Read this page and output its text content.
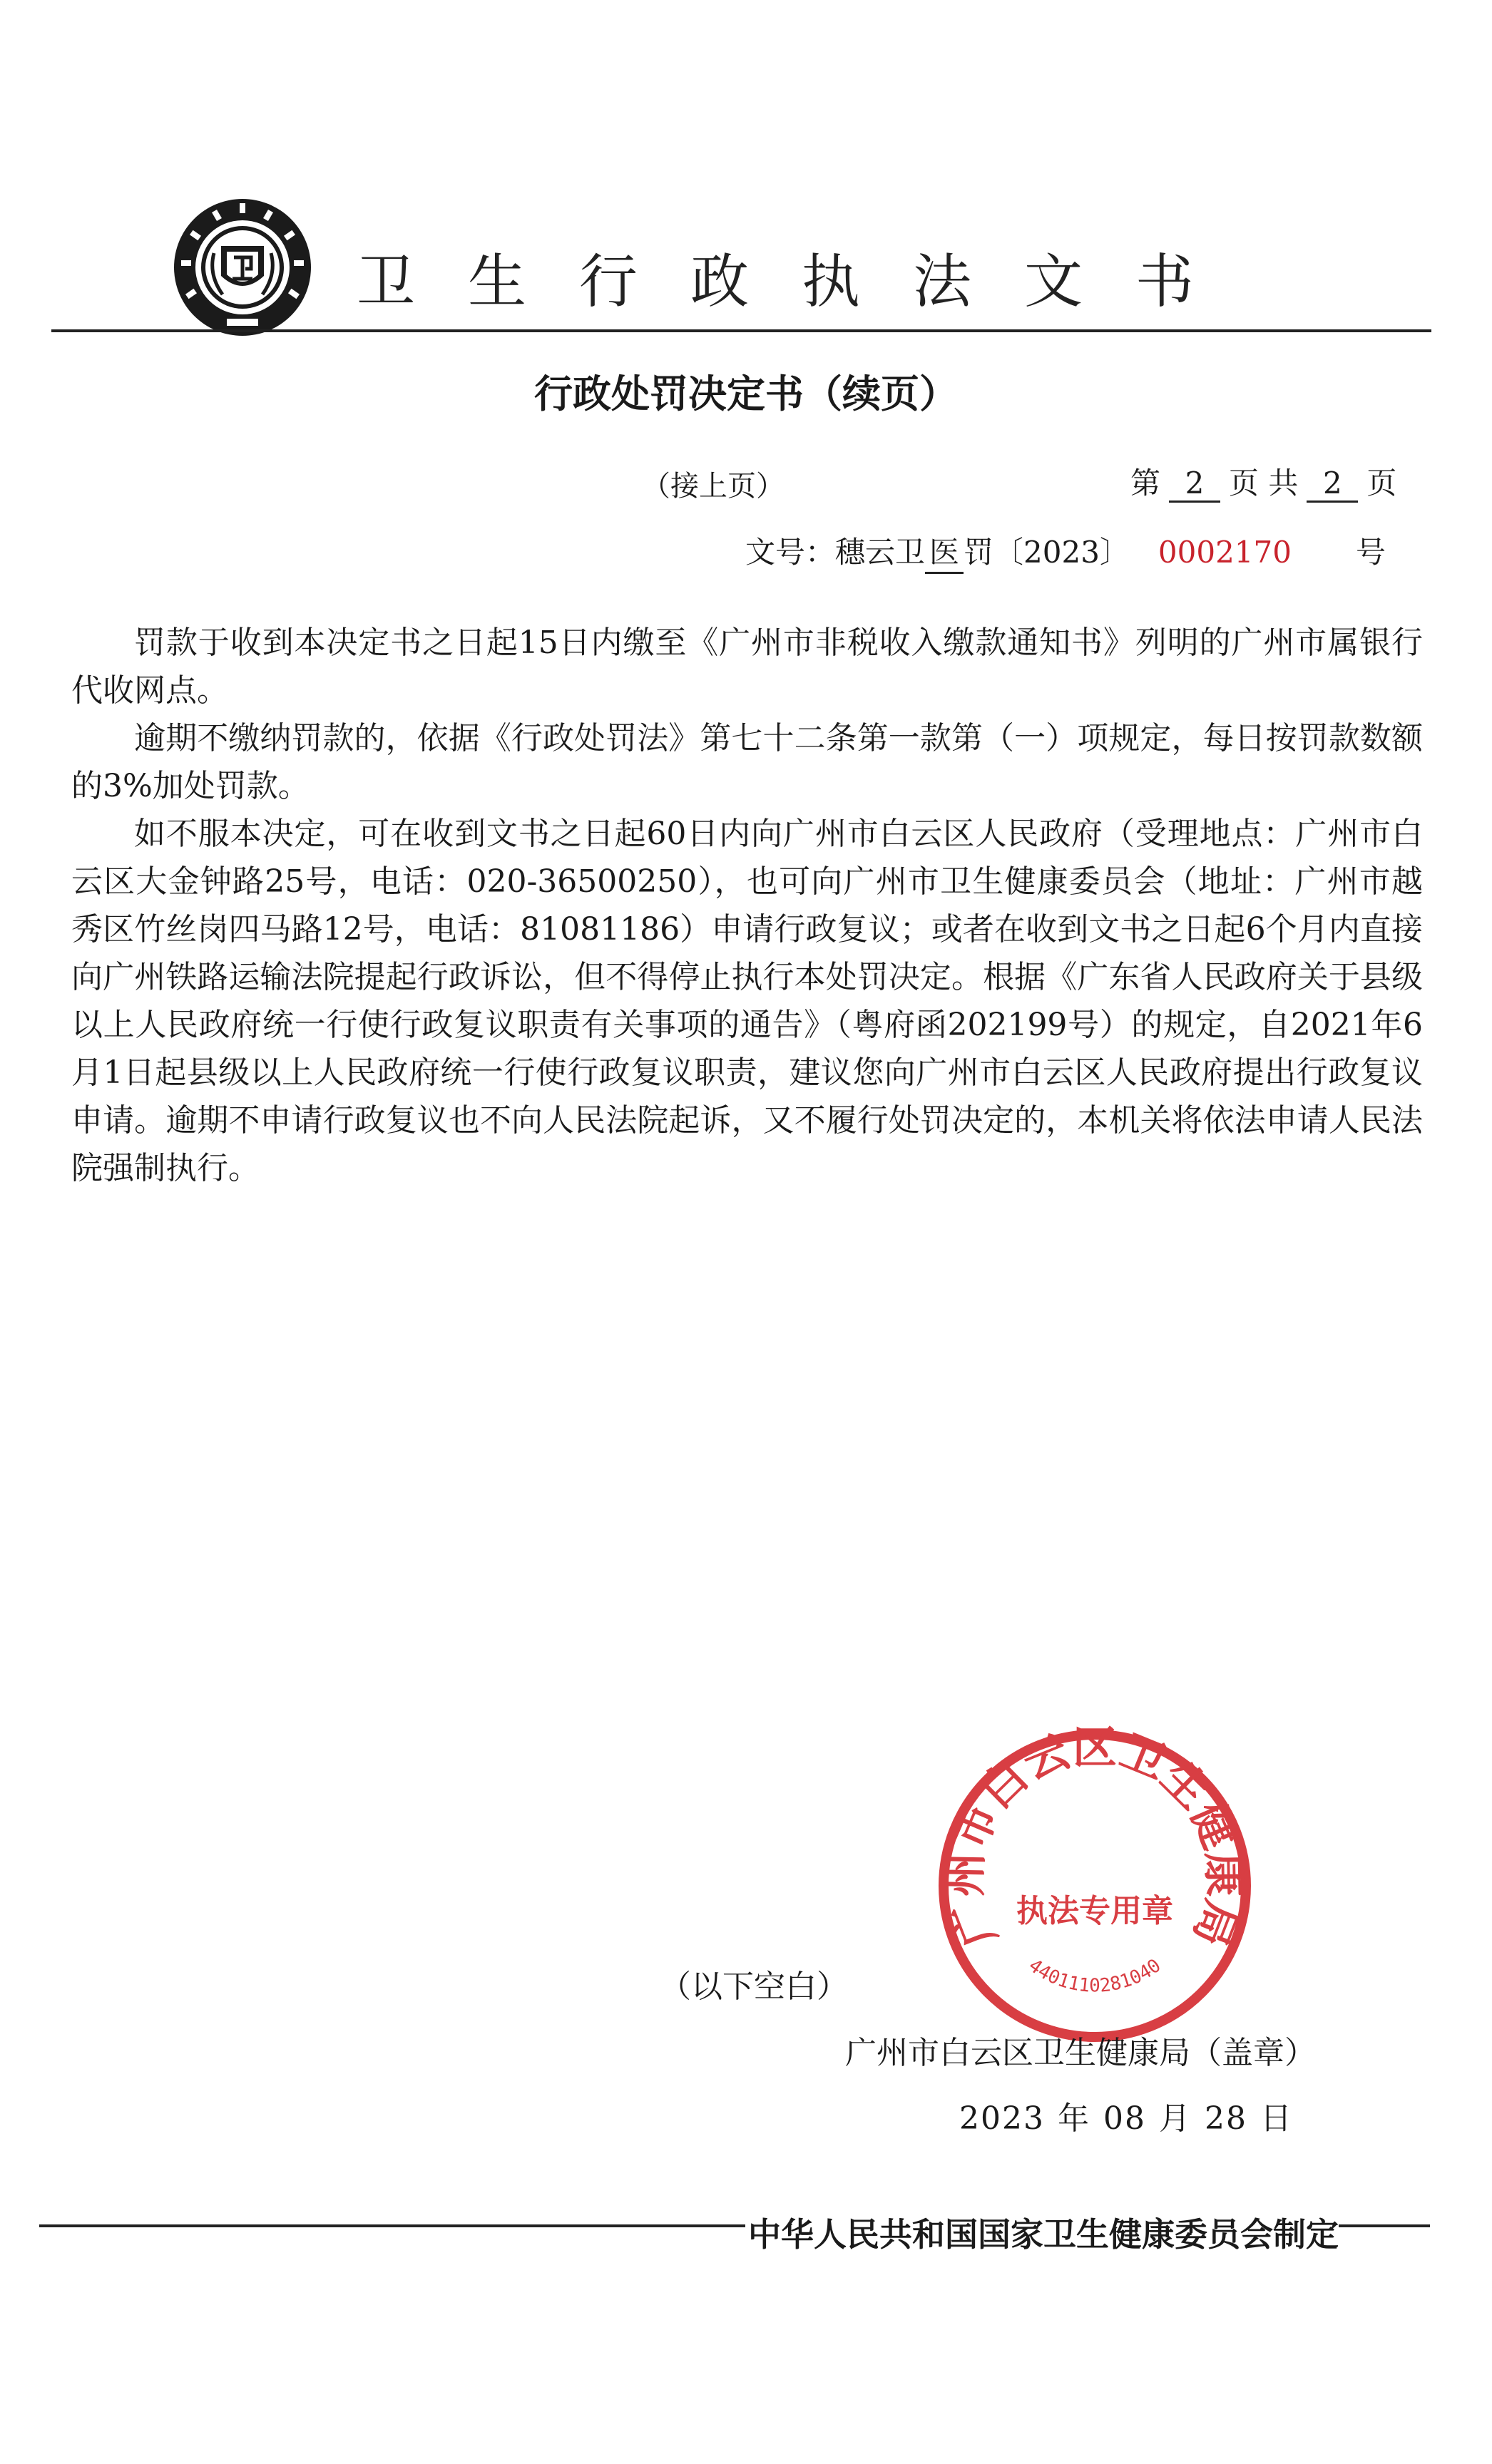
卫生行政执法文书
行政处罚决定书（续页）
（接上页）	第 2 页 共 2 页
文号：穗云卫 医 罚〔2023〕 0002170 号

罚款于收到本决定书之日起15日内缴至《广州市非税收入缴款通知书》列明的广州市属银行代收网点。

逾期不缴纳罚款的，依据《行政处罚法》第七十二条第一款第（一）项规定，每日按罚款数额的3%加处罚款。

如不服本决定，可在收到文书之日起60日内向广州市白云区人民政府（受理地点：广州市白云区大金钟路25号，电话：020-36500250），也可向广州市卫生健康委员会（地址：广州市越秀区竹丝岗四马路12号，电话：81081186）申请行政复议；或者在收到文书之日起6个月内直接向广州铁路运输法院提起行政诉讼，但不得停止执行本处罚决定。根据《广东省人民政府关于县级以上人民政府统一行使行政复议职责有关事项的通告》（粤府函202199号）的规定，自2021年6月1日起县级以上人民政府统一行使行政复议职责，建议您向广州市白云区人民政府提出行政复议申请。逾期不申请行政复议也不向人民法院起诉，又不履行处罚决定的，本机关将依法申请人民法院强制执行。

（以下空白）
广州市白云区卫生健康局
执法专用章
4401110281040
广州市白云区卫生健康局（盖章）
2023 年 08 月 28 日
中华人民共和国国家卫生健康委员会制定
